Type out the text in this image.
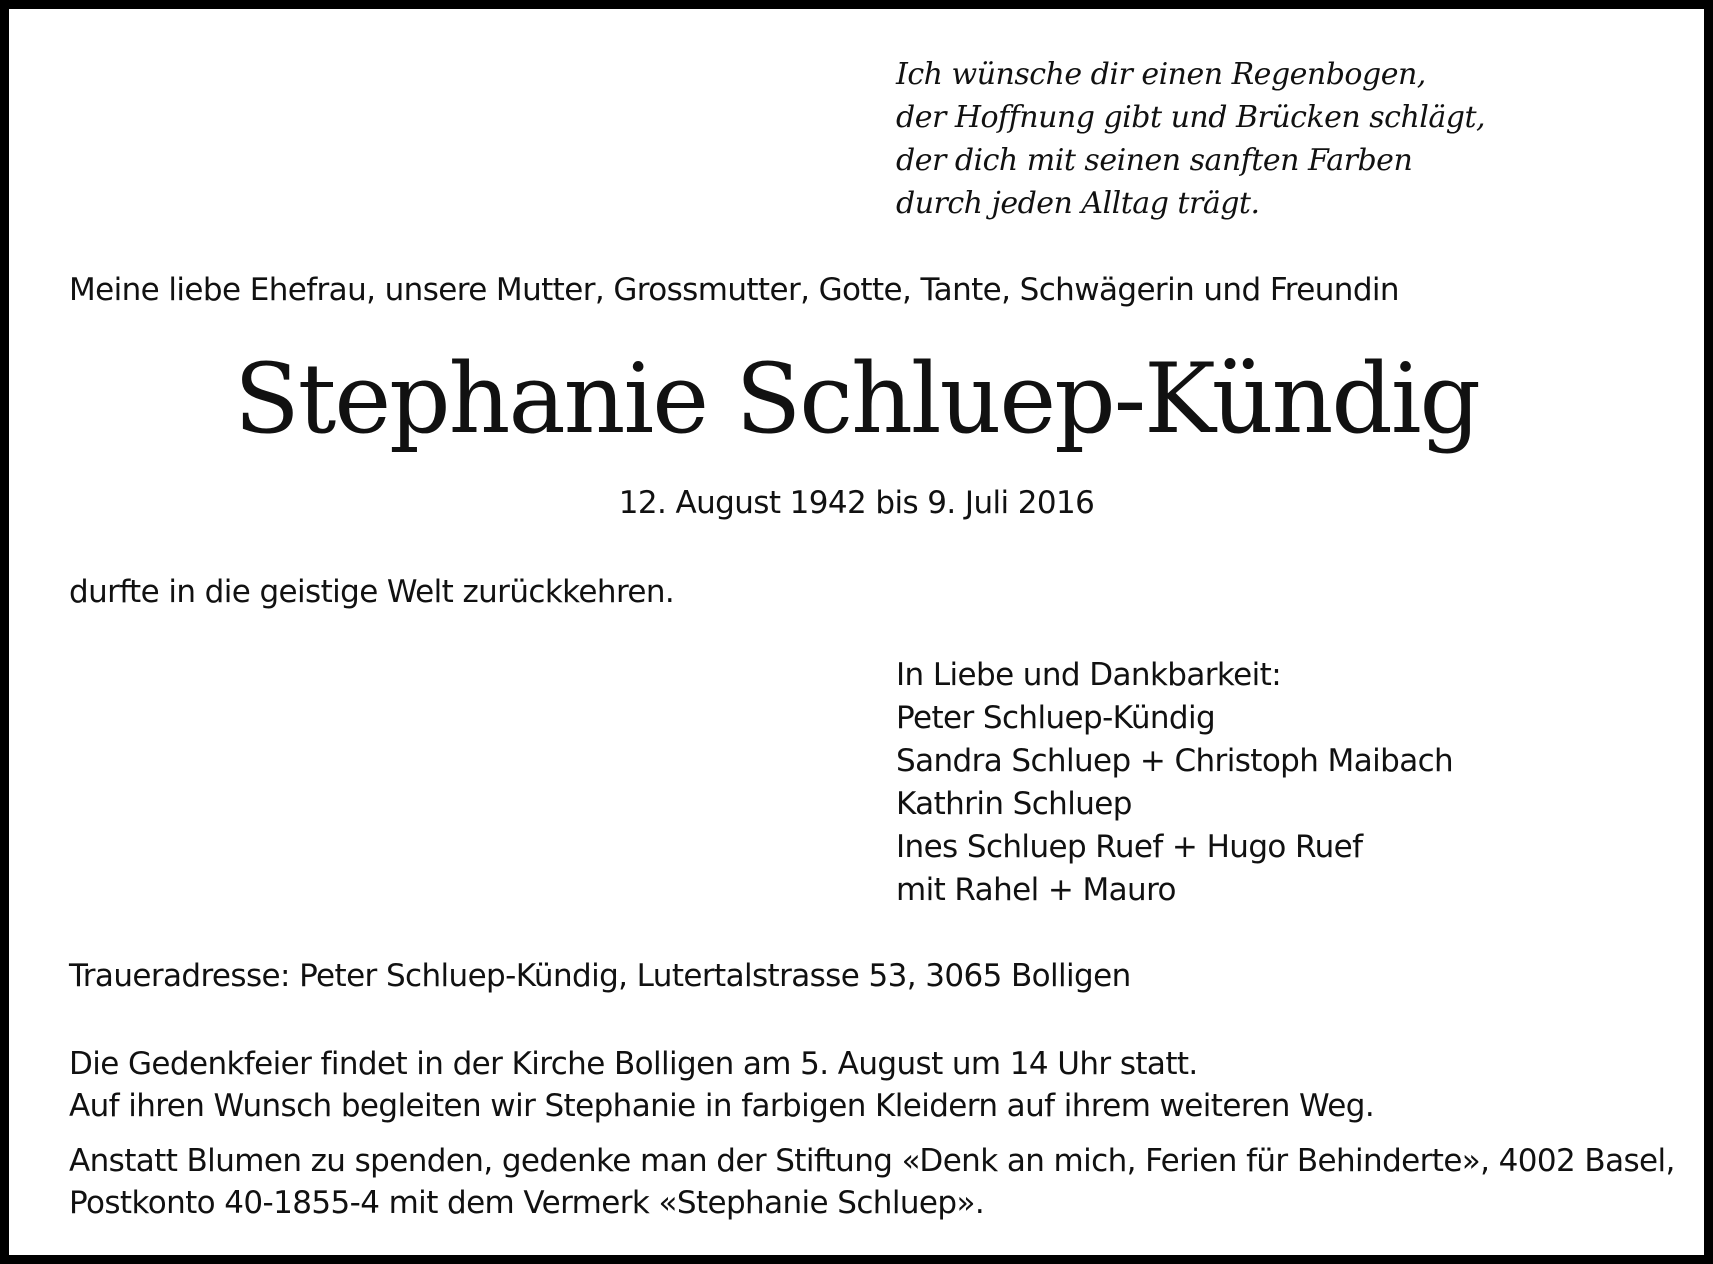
Ich wünsche dir einen Regenbogen,
der Hoffnung gibt und Brücken schlägt,
der dich mit seinen sanften Farben
durch jeden Alltag trägt.
Meine liebe Ehefrau, unsere Mutter, Grossmutter, Gotte, Tante, Schwägerin und Freundin
Stephanie Schluep-Kündig
12. August 1942 bis 9. Juli 2016
durfte in die geistige Welt zurückkehren.
In Liebe und Dankbarkeit:
Peter Schluep-Kündig
Sandra Schluep + Christoph Maibach
Kathrin Schluep
Ines Schluep Ruef + Hugo Ruef
mit Rahel + Mauro
Traueradresse: Peter Schluep-Kündig, Lutertalstrasse 53, 3065 Bolligen
Die Gedenkfeier findet in der Kirche Bolligen am 5. August um 14 Uhr statt.
Auf ihren Wunsch begleiten wir Stephanie in farbigen Kleidern auf ihrem weiteren Weg.
Anstatt Blumen zu spenden, gedenke man der Stiftung «Denk an mich, Ferien für Behinderte», 4002 Basel,
Postkonto 40-1855-4 mit dem Vermerk «Stephanie Schluep».
